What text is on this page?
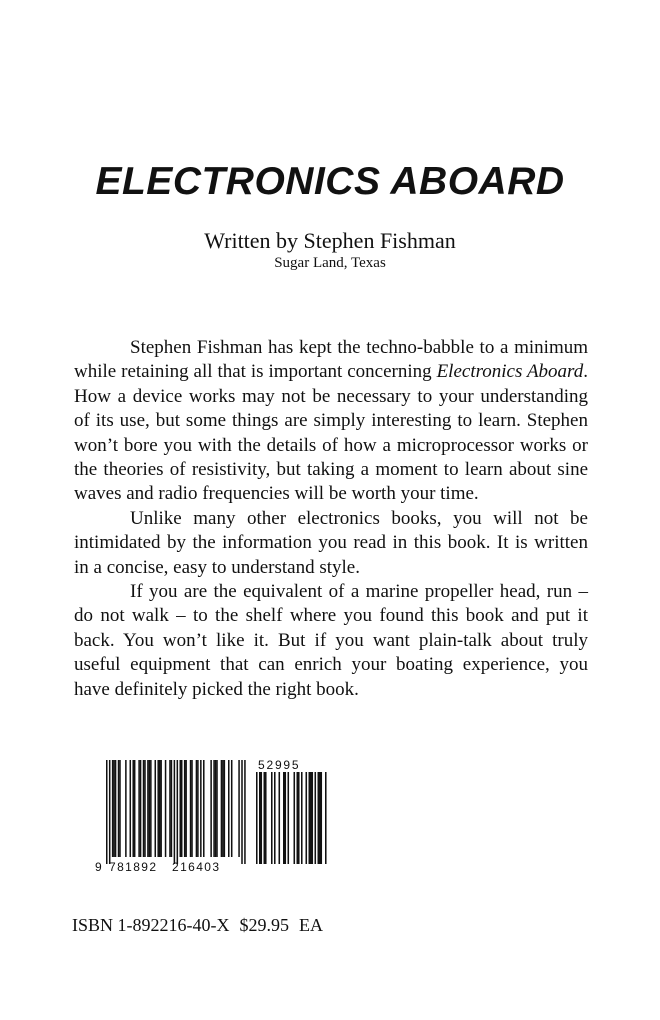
ELECTRONICS ABOARD
Written by Stephen Fishman
Sugar Land, Texas

Stephen Fishman has kept the techno-babble to a minimum while retaining all that is important concerning Electronics Aboard. How a device works may not be necessary to your understanding of its use, but some things are simply interesting to learn. Stephen won’t bore you with the details of how a microprocessor works or the theories of resistivity, but taking a moment to learn about sine waves and radio frequencies will be worth your time.

Unlike many other electronics books, you will not be intimidated by the information you read in this book. It is written in a concise, easy to understand style.

If you are the equivalent of a marine propeller head, run – do not walk – to the shelf where you found this book and put it back. You won’t like it. But if you want plain-talk about truly useful equipment that can enrich your boating experience, you have definitely picked the right book.

9 781892 216403
52995
ISBN 1-892216-40-X $29.95 EA
